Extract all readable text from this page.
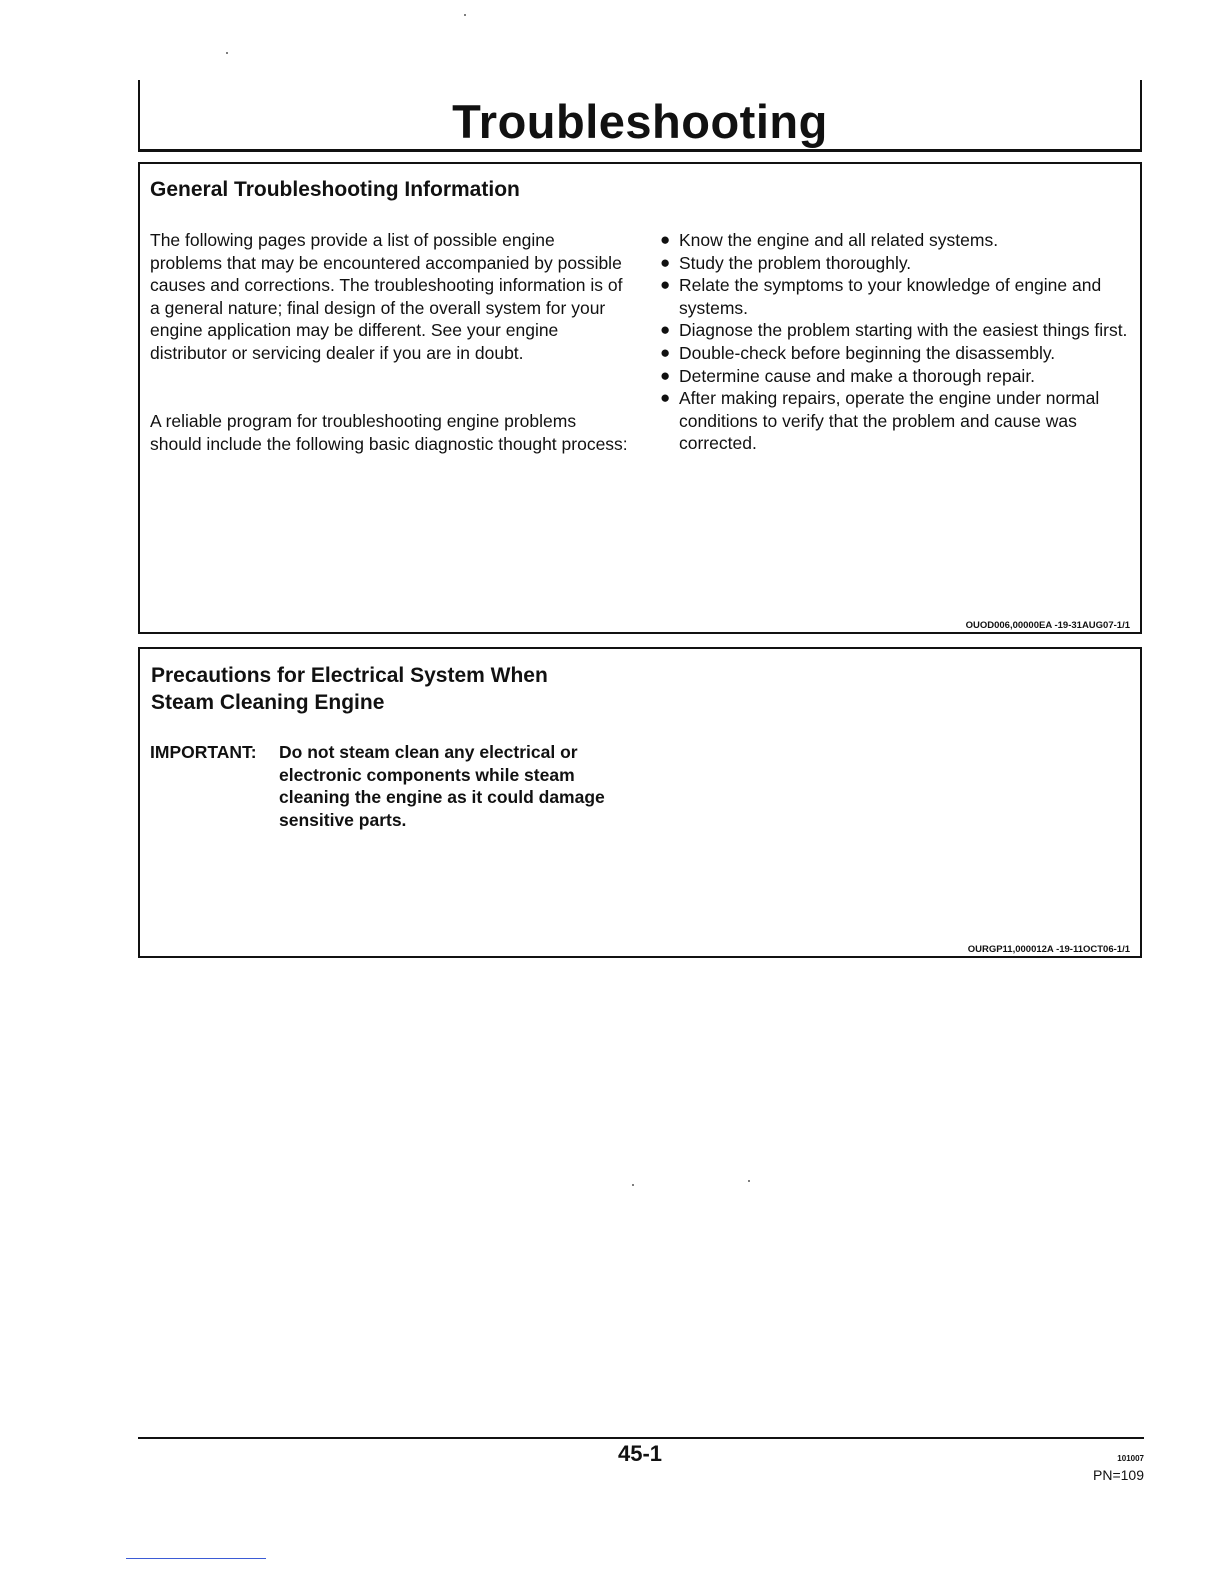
Troubleshooting
General Troubleshooting Information
The following pages provide a list of possible engine problems that may be encountered accompanied by possible causes and corrections. The troubleshooting information is of a general nature; final design of the overall system for your engine application may be different. See your engine distributor or servicing dealer if you are in doubt.
A reliable program for troubleshooting engine problems should include the following basic diagnostic thought process:
● Know the engine and all related systems.
● Study the problem thoroughly.
● Relate the symptoms to your knowledge of engine and systems.
● Diagnose the problem starting with the easiest things first.
● Double-check before beginning the disassembly.
● Determine cause and make a thorough repair.
● After making repairs, operate the engine under normal conditions to verify that the problem and cause was corrected.
OUOD006,00000EA -19-31AUG07-1/1
Precautions for Electrical System When
Steam Cleaning Engine
IMPORTANT:	Do not steam clean any electrical or electronic components while steam cleaning the engine as it could damage sensitive parts.
OURGP11,000012A -19-11OCT06-1/1
45-1	101007
PN=109
